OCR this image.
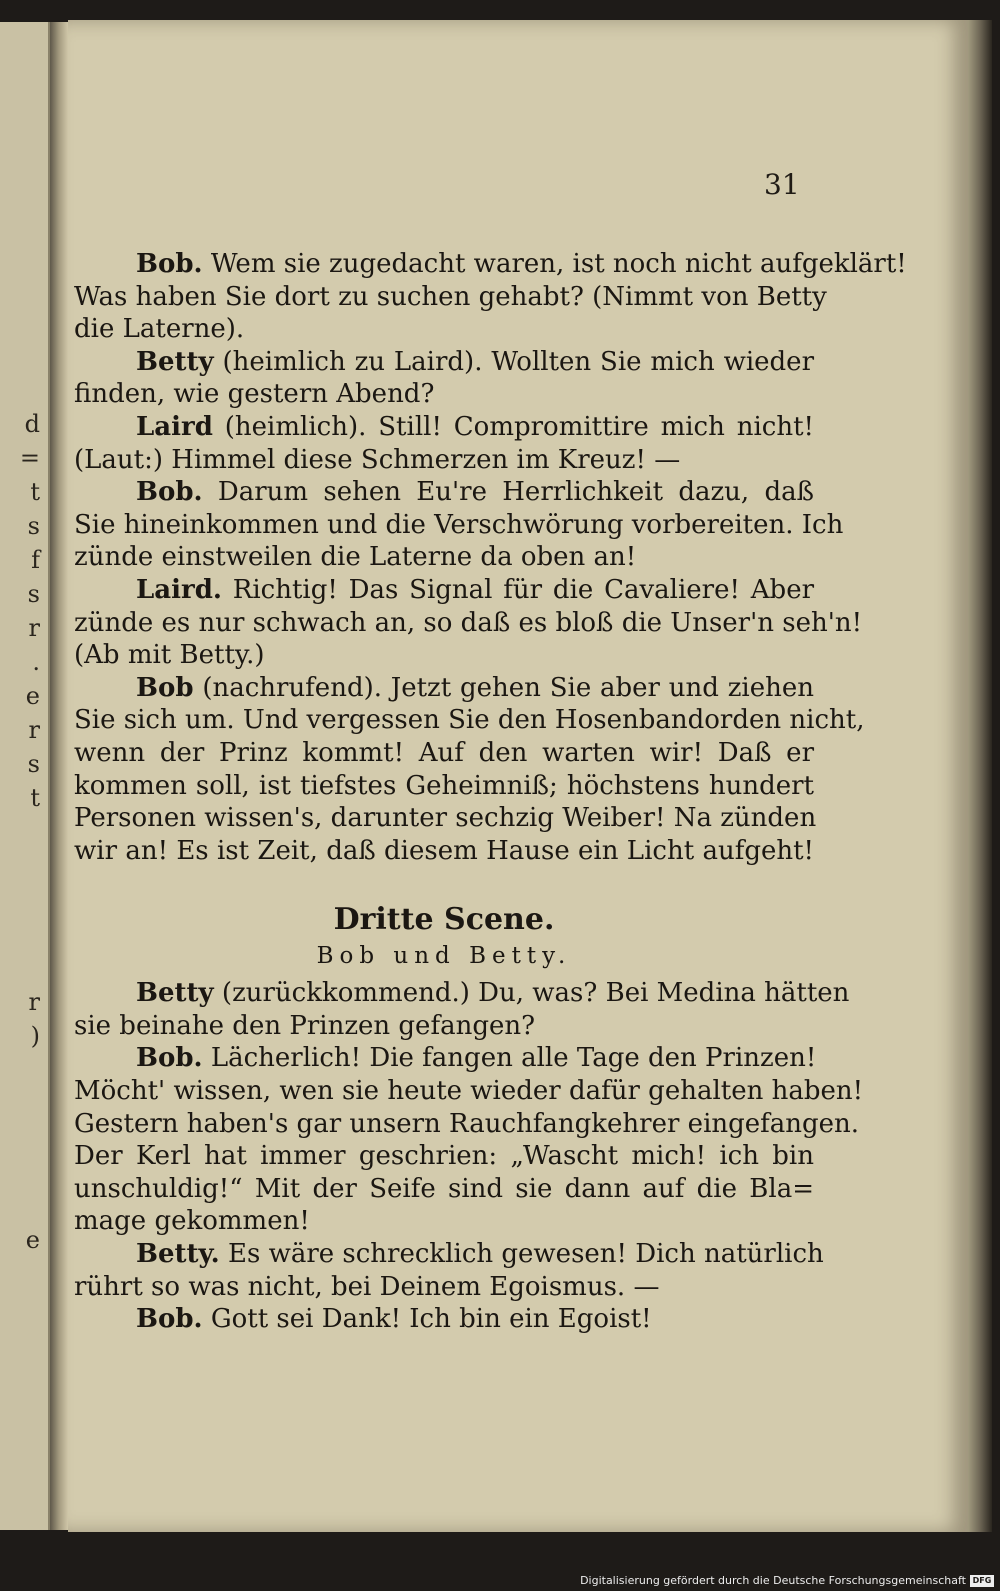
d
=
t
s
f
s
r
.
e
r
s
t
r
)
e
31
Bob. Wem sie zugedacht waren, ist noch nicht aufgeklärt!
Was haben Sie dort zu suchen gehabt? (Nimmt von Betty
die Laterne).
Betty (heimlich zu Laird). Wollten Sie mich wieder
finden, wie gestern Abend?
Laird (heimlich). Still! Compromittire mich nicht!
(Laut:) Himmel diese Schmerzen im Kreuz! —
Bob. Darum sehen Eu're Herrlichkeit dazu, daß
Sie hineinkommen und die Verschwörung vorbereiten. Ich
zünde einstweilen die Laterne da oben an!
Laird. Richtig! Das Signal für die Cavaliere! Aber
zünde es nur schwach an, so daß es bloß die Unser'n seh'n!
(Ab mit Betty.)
Bob (nachrufend). Jetzt gehen Sie aber und ziehen
Sie sich um. Und vergessen Sie den Hosenbandorden nicht,
wenn der Prinz kommt! Auf den warten wir! Daß er
kommen soll, ist tiefstes Geheimniß; höchstens hundert
Personen wissen's, darunter sechzig Weiber! Na zünden
wir an! Es ist Zeit, daß diesem Hause ein Licht aufgeht!
Dritte Scene.
Bob und Betty.
Betty (zurückkommend.) Du, was? Bei Medina hätten
sie beinahe den Prinzen gefangen?
Bob. Lächerlich! Die fangen alle Tage den Prinzen!
Möcht' wissen, wen sie heute wieder dafür gehalten haben!
Gestern haben's gar unsern Rauchfangkehrer eingefangen.
Der Kerl hat immer geschrien: „Wascht mich! ich bin
unschuldig!“ Mit der Seife sind sie dann auf die Bla=
mage gekommen!
Betty. Es wäre schrecklich gewesen! Dich natürlich
rührt so was nicht, bei Deinem Egoismus. —
Bob. Gott sei Dank! Ich bin ein Egoist!
Digitalisierung gefördert durch die Deutsche Forschungsgemeinschaft DFG
